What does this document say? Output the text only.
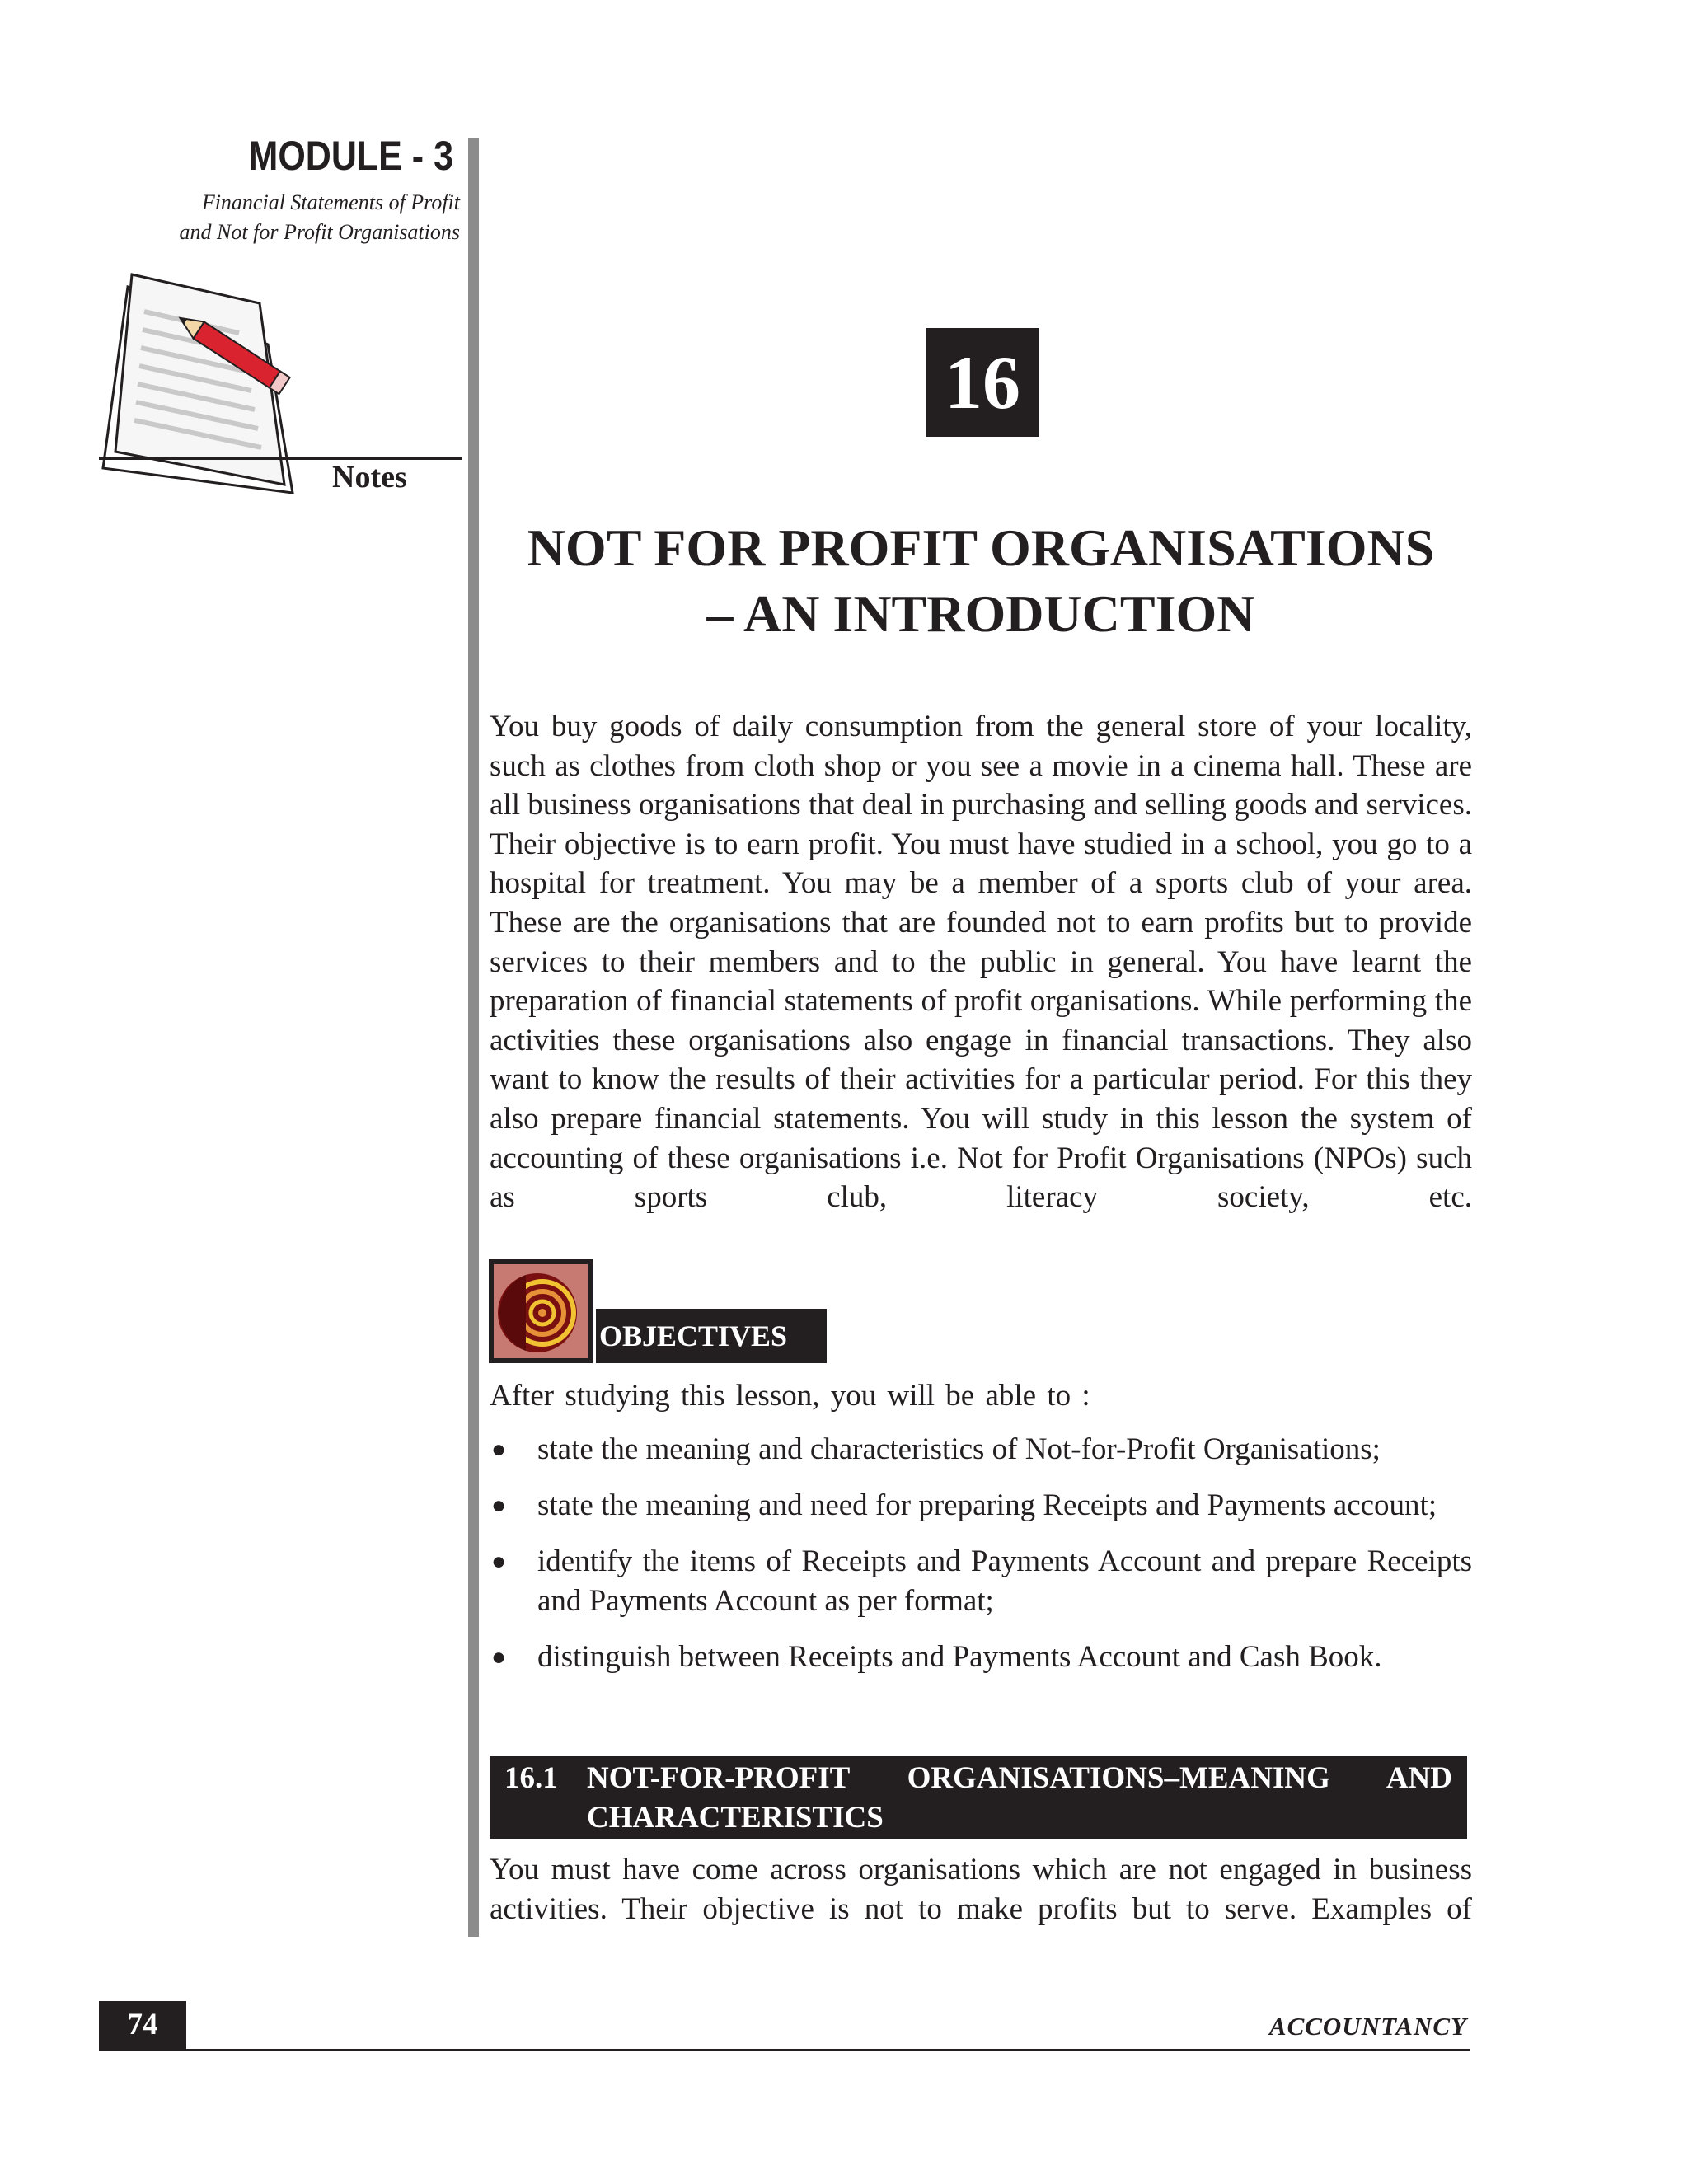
MODULE - 3
Financial Statements of Profit
and Not for Profit Organisations
Notes
16
NOT FOR PROFIT ORGANISATIONS
– AN INTRODUCTION
You buy goods of daily consumption from the general store of your locality, such as clothes from cloth shop or you see a movie in a cinema hall. These are all business organisations that deal in purchasing and selling goods and services. Their objective is to earn profit. You must have studied in a school, you go to a hospital for treatment. You may be a member of a sports club of your area. These are the organisations that are founded not to earn profits but to provide services to their members and to the public in general. You have learnt the preparation of financial statements of profit organisations. While performing the activities these organisations also engage in financial transactions. They also want to know the results of their activities for a particular period. For this they also prepare financial statements. You will study in this lesson the system of accounting of these organisations i.e. Not for Profit Organisations (NPOs) such as sports club, literacy society, etc.
OBJECTIVES
After studying this lesson, you will be able to :
● state the meaning and characteristics of Not-for-Profit Organisations;
● state the meaning and need for preparing Receipts and Payments account;
● identify the items of Receipts and Payments Account and prepare Receipts and Payments Account as per format;
● distinguish between Receipts and Payments Account and Cash Book.
16.1 NOT-FOR-PROFIT ORGANISATIONS–MEANING AND CHARACTERISTICS
You must have come across organisations which are not engaged in business activities. Their objective is not to make profits but to serve. Examples of
74	ACCOUNTANCY
